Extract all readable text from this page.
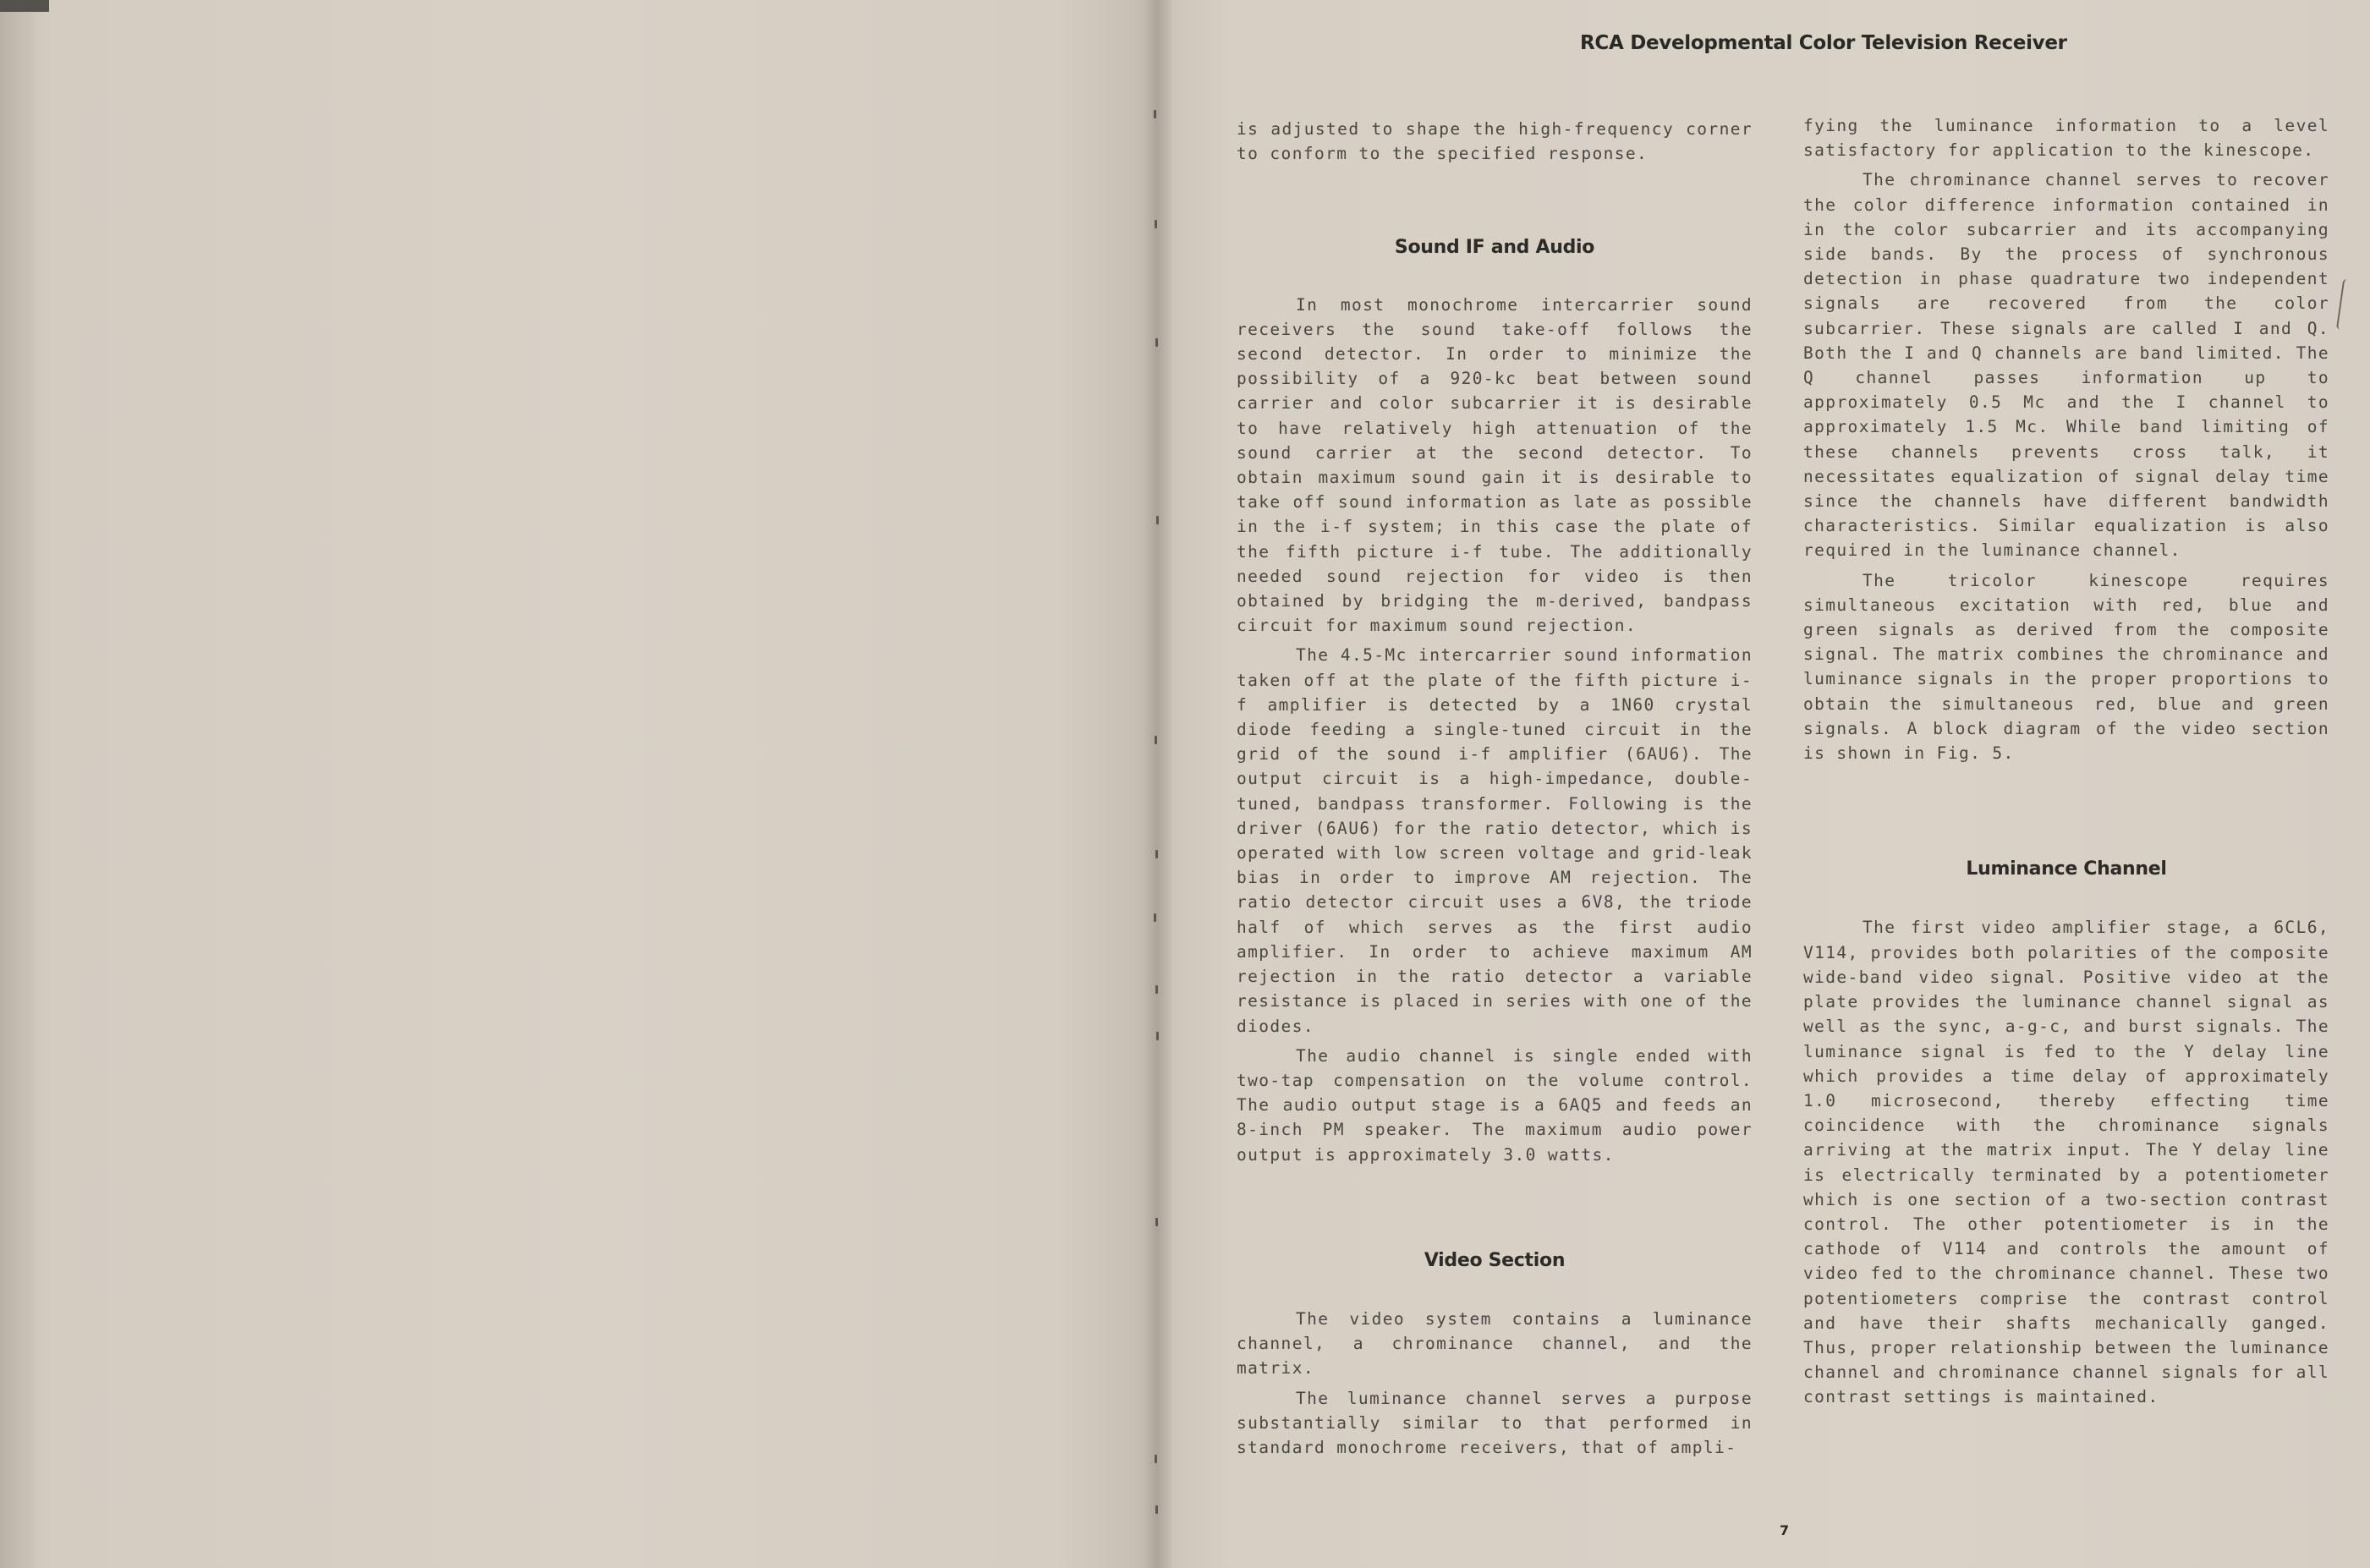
RCA Developmental Color Television Receiver

is adjusted to shape the high-frequency corner to conform to the specified response.

Sound IF and Audio

In most monochrome intercarrier sound receivers the sound take-off follows the second detector. In order to minimize the possibility of a 920-kc beat between sound carrier and color subcarrier it is desirable to have relatively high attenuation of the sound carrier at the second detector. To obtain maximum sound gain it is desirable to take off sound information as late as possible in the i-f system; in this case the plate of the fifth picture i-f tube. The additionally needed sound rejection for video is then obtained by bridging the m-derived, bandpass circuit for maximum sound rejection.

The 4.5-Mc intercarrier sound information taken off at the plate of the fifth picture i-f amplifier is detected by a 1N60 crystal diode feeding a single-tuned circuit in the grid of the sound i-f amplifier (6AU6). The output circuit is a high-impedance, double-tuned, bandpass transformer. Following is the driver (6AU6) for the ratio detector, which is operated with low screen voltage and grid-leak bias in order to improve AM rejection. The ratio detector circuit uses a 6V8, the triode half of which serves as the first audio amplifier. In order to achieve maximum AM rejection in the ratio detector a variable resistance is placed in series with one of the diodes.

The audio channel is single ended with two-tap compensation on the volume control. The audio output stage is a 6AQ5 and feeds an 8-inch PM speaker. The maximum audio power output is approximately 3.0 watts.

Video Section

The video system contains a luminance channel, a chrominance channel, and the matrix.

The luminance channel serves a purpose substantially similar to that performed in standard monochrome receivers, that of ampli-

fying the luminance information to a level satisfactory for application to the kinescope.

The chrominance channel serves to recover the color difference information contained in in the color subcarrier and its accompanying side bands. By the process of synchronous detection in phase quadrature two independent signals are recovered from the color subcarrier. These signals are called I and Q. Both the I and Q channels are band limited. The Q channel passes information up to approximately 0.5 Mc and the I channel to approximately 1.5 Mc. While band limiting of these channels prevents cross talk, it necessitates equalization of signal delay time since the channels have different bandwidth characteristics. Similar equalization is also required in the luminance channel.

The tricolor kinescope requires simultaneous excitation with red, blue and green signals as derived from the composite signal. The matrix combines the chrominance and luminance signals in the proper proportions to obtain the simultaneous red, blue and green signals. A block diagram of the video section is shown in Fig. 5.

Luminance Channel

The first video amplifier stage, a 6CL6, V114, provides both polarities of the composite wide-band video signal. Positive video at the plate provides the luminance channel signal as well as the sync, a-g-c, and burst signals. The luminance signal is fed to the Y delay line which provides a time delay of approximately 1.0 microsecond, thereby effecting time coincidence with the chrominance signals arriving at the matrix input. The Y delay line is electrically terminated by a potentiometer which is one section of a two-section contrast control. The other potentiometer is in the cathode of V114 and controls the amount of video fed to the chrominance channel. These two potentiometers comprise the contrast control and have their shafts mechanically ganged. Thus, proper relationship between the luminance channel and chrominance channel signals for all contrast settings is maintained.

7
